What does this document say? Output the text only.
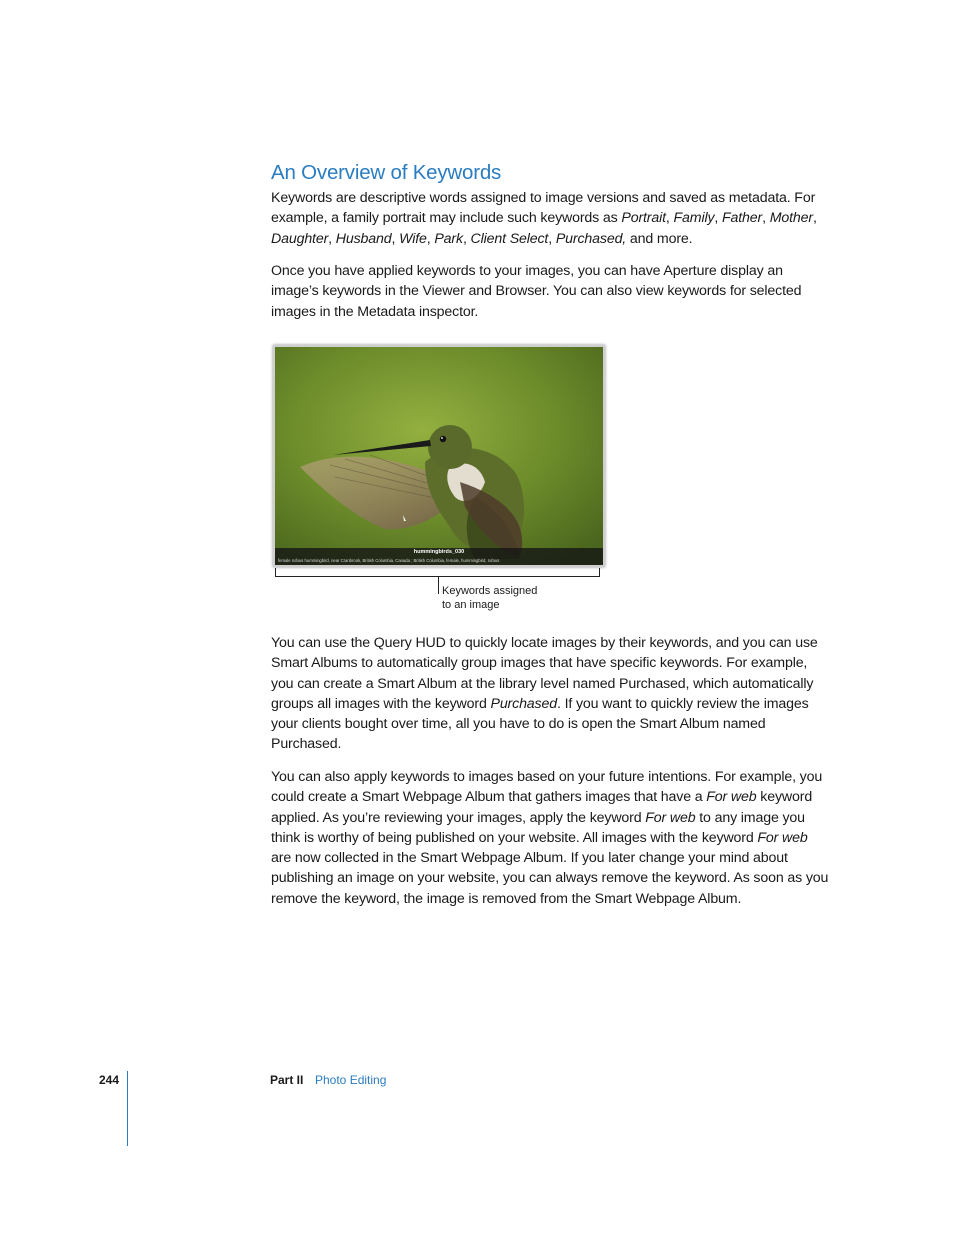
An Overview of Keywords

Keywords are descriptive words assigned to image versions and saved as metadata. For example, a family portrait may include such keywords as Portrait, Family, Father, Mother, Daughter, Husband, Wife, Park, Client Select, Purchased, and more.

Once you have applied keywords to your images, you can have Aperture display an image’s keywords in the Viewer and Browser. You can also view keywords for selected images in the Metadata inspector.

hummingbirds_030
female rufous hummingbird, near Cranbrook, British Columbia, Canada ; British Columbia, female, hummingbird, rufous
Keywords assigned
to an image

You can use the Query HUD to quickly locate images by their keywords, and you can use Smart Albums to automatically group images that have specific keywords. For example, you can create a Smart Album at the library level named Purchased, which automatically groups all images with the keyword Purchased. If you want to quickly review the images your clients bought over time, all you have to do is open the Smart Album named Purchased.

You can also apply keywords to images based on your future intentions. For example, you could create a Smart Webpage Album that gathers images that have a For web keyword applied. As you’re reviewing your images, apply the keyword For web to any image you think is worthy of being published on your website. All images with the keyword For web are now collected in the Smart Webpage Album. If you later change your mind about publishing an image on your website, you can always remove the keyword. As soon as you remove the keyword, the image is removed from the Smart Webpage Album.

244	Part II Photo Editing
